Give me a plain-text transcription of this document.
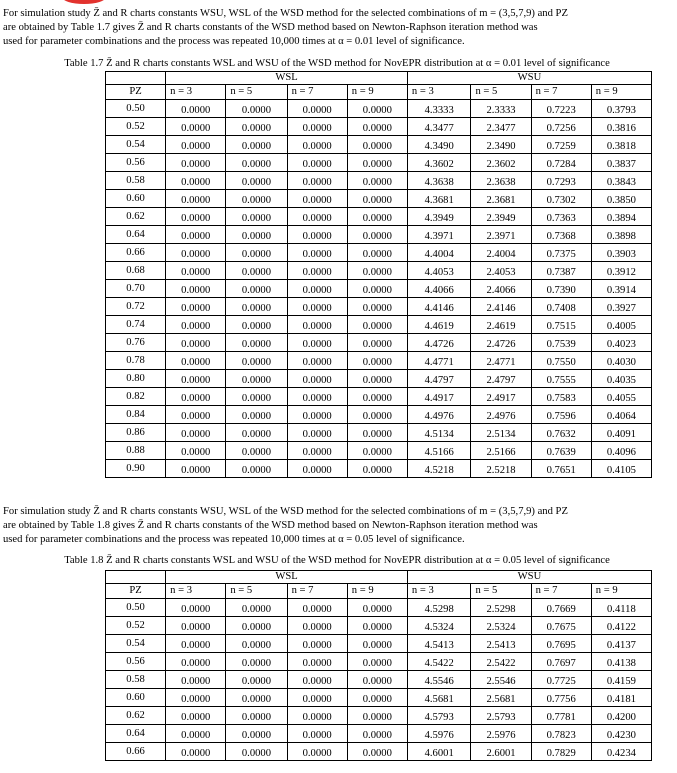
For simulation study Z̄ and R charts constants WSU, WSL of the WSD method for the selected combinations of m = (3,5,7,9) and PZ

are obtained by Table 1.7 gives Z̄ and R charts constants of the WSD method based on Newton-Raphson iteration method was

used for parameter combinations and the process was repeated 10,000 times at α = 0.01 level of significance.

Table 1.7 Z̄ and R charts constants WSL and WSU of the WSD method for NovEPR distribution at α = 0.01 level of significance
	WSL				WSU			
PZ	n = 3	n = 5	n = 7	n = 9	n = 3	n = 5	n = 7	n = 9
0.50	0.0000	0.0000	0.0000	0.0000	4.3333	2.3333	0.7223	0.3793
0.52	0.0000	0.0000	0.0000	0.0000	4.3477	2.3477	0.7256	0.3816
0.54	0.0000	0.0000	0.0000	0.0000	4.3490	2.3490	0.7259	0.3818
0.56	0.0000	0.0000	0.0000	0.0000	4.3602	2.3602	0.7284	0.3837
0.58	0.0000	0.0000	0.0000	0.0000	4.3638	2.3638	0.7293	0.3843
0.60	0.0000	0.0000	0.0000	0.0000	4.3681	2.3681	0.7302	0.3850
0.62	0.0000	0.0000	0.0000	0.0000	4.3949	2.3949	0.7363	0.3894
0.64	0.0000	0.0000	0.0000	0.0000	4.3971	2.3971	0.7368	0.3898
0.66	0.0000	0.0000	0.0000	0.0000	4.4004	2.4004	0.7375	0.3903
0.68	0.0000	0.0000	0.0000	0.0000	4.4053	2.4053	0.7387	0.3912
0.70	0.0000	0.0000	0.0000	0.0000	4.4066	2.4066	0.7390	0.3914
0.72	0.0000	0.0000	0.0000	0.0000	4.4146	2.4146	0.7408	0.3927
0.74	0.0000	0.0000	0.0000	0.0000	4.4619	2.4619	0.7515	0.4005
0.76	0.0000	0.0000	0.0000	0.0000	4.4726	2.4726	0.7539	0.4023
0.78	0.0000	0.0000	0.0000	0.0000	4.4771	2.4771	0.7550	0.4030
0.80	0.0000	0.0000	0.0000	0.0000	4.4797	2.4797	0.7555	0.4035
0.82	0.0000	0.0000	0.0000	0.0000	4.4917	2.4917	0.7583	0.4055
0.84	0.0000	0.0000	0.0000	0.0000	4.4976	2.4976	0.7596	0.4064
0.86	0.0000	0.0000	0.0000	0.0000	4.5134	2.5134	0.7632	0.4091
0.88	0.0000	0.0000	0.0000	0.0000	4.5166	2.5166	0.7639	0.4096
0.90	0.0000	0.0000	0.0000	0.0000	4.5218	2.5218	0.7651	0.4105

For simulation study Z̄ and R charts constants WSU, WSL of the WSD method for the selected combinations of m = (3,5,7,9) and PZ

are obtained by Table 1.8 gives Z̄ and R charts constants of the WSD method based on Newton-Raphson iteration method was

used for parameter combinations and the process was repeated 10,000 times at α = 0.05 level of significance.

Table 1.8 Z̄ and R charts constants WSL and WSU of the WSD method for NovEPR distribution at α = 0.05 level of significance
	WSL				WSU			
PZ	n = 3	n = 5	n = 7	n = 9	n = 3	n = 5	n = 7	n = 9
0.50	0.0000	0.0000	0.0000	0.0000	4.5298	2.5298	0.7669	0.4118
0.52	0.0000	0.0000	0.0000	0.0000	4.5324	2.5324	0.7675	0.4122
0.54	0.0000	0.0000	0.0000	0.0000	4.5413	2.5413	0.7695	0.4137
0.56	0.0000	0.0000	0.0000	0.0000	4.5422	2.5422	0.7697	0.4138
0.58	0.0000	0.0000	0.0000	0.0000	4.5546	2.5546	0.7725	0.4159
0.60	0.0000	0.0000	0.0000	0.0000	4.5681	2.5681	0.7756	0.4181
0.62	0.0000	0.0000	0.0000	0.0000	4.5793	2.5793	0.7781	0.4200
0.64	0.0000	0.0000	0.0000	0.0000	4.5976	2.5976	0.7823	0.4230
0.66	0.0000	0.0000	0.0000	0.0000	4.6001	2.6001	0.7829	0.4234
